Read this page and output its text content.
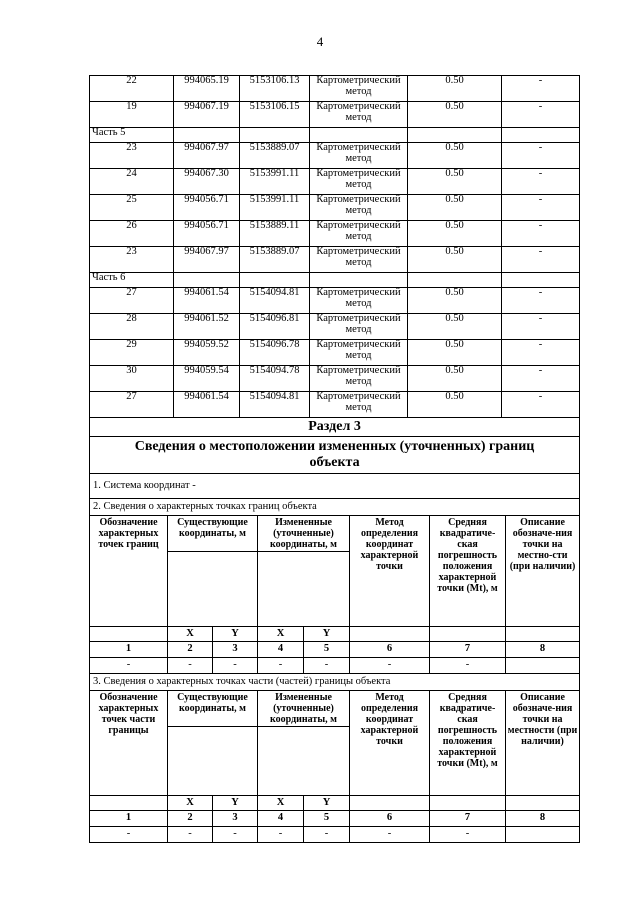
4
22	994065.19	5153106.13	Картометрический метод	0.50	-
19	994067.19	5153106.15	Картометрический метод	0.50	-
Часть 5					
23	994067.97	5153889.07	Картометрический метод	0.50	-
24	994067.30	5153991.11	Картометрический метод	0.50	-
25	994056.71	5153991.11	Картометрический метод	0.50	-
26	994056.71	5153889.11	Картометрический метод	0.50	-
23	994067.97	5153889.07	Картометрический метод	0.50	-
Часть 6					
27	994061.54	5154094.81	Картометрический метод	0.50	-
28	994061.52	5154096.81	Картометрический метод	0.50	-
29	994059.52	5154096.78	Картометрический метод	0.50	-
30	994059.54	5154094.78	Картометрический метод	0.50	-
27	994061.54	5154094.81	Картометрический метод	0.50	-
Раздел 3							
Сведения о местоположении измененных (уточненных) границ объекта							
1. Система координат -							
2. Сведения о характерных точках границ объекта							
Обозначение характерных точек границ	Существующие координаты, м		Измененные (уточненные) координаты, м		Метод определения координат характерной точки	Средняя квадратиче-ская погрешность положения характерной точки (Mt), м	Описание обозначе-ния точки на местно-сти (при наличии)

	X	Y	X	Y			
1	2	3	4	5	6	7	8
-	-	-	-	-	-	-	
3. Сведения о характерных точках части (частей) границы объекта							
Обозначение характерных точек части границы	Существующие координаты, м		Измененные (уточненные) координаты, м		Метод определения координат характерной точки	Средняя квадратиче-ская погрешность положения характерной точки (Mt), м	Описание обозначе-ния точки на местности (при наличии)

	X	Y	X	Y			
1	2	3	4	5	6	7	8
-	-	-	-	-	-	-	
